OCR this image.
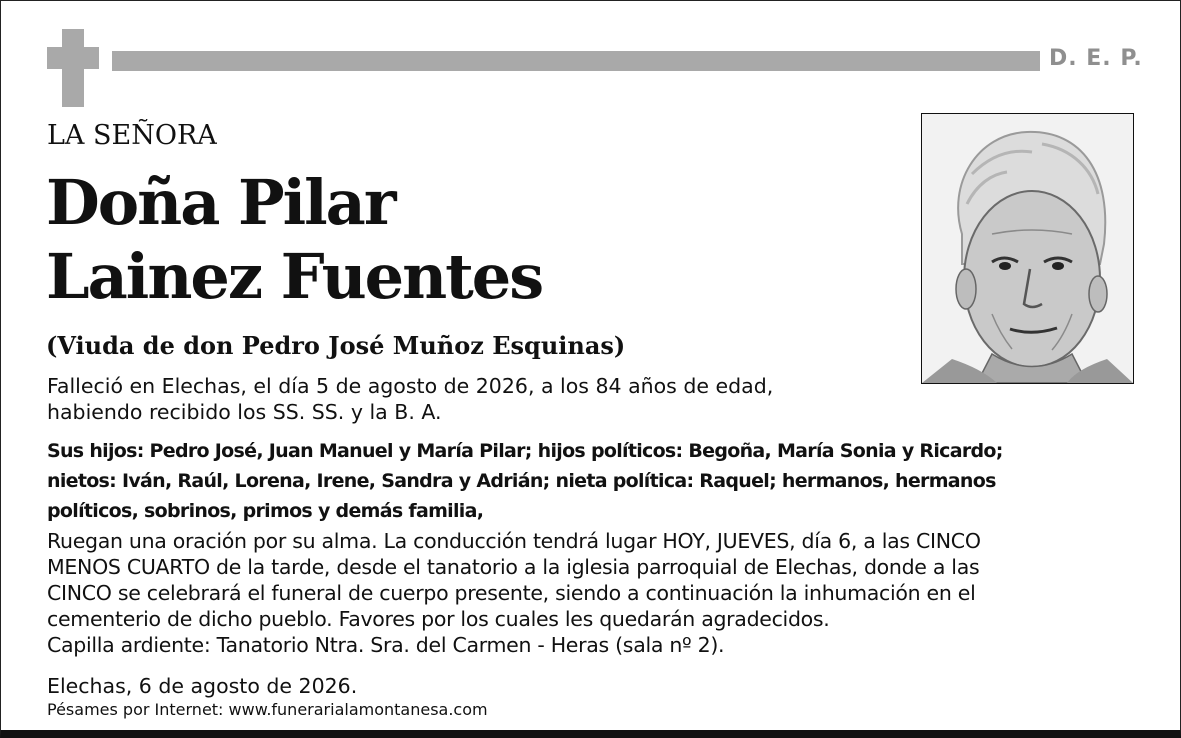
D. E. P.
LA SEÑORA
Doña Pilar
Lainez Fuentes
(Viuda de don Pedro José Muñoz Esquinas)
Falleció en Elechas, el día 5 de agosto de 2026, a los 84 años de edad,
habiendo recibido los SS. SS. y la B. A.
Sus hijos: Pedro José, Juan Manuel y María Pilar; hijos políticos: Begoña, María Sonia y Ricardo;
nietos: Iván, Raúl, Lorena, Irene, Sandra y Adrián; nieta política: Raquel; hermanos, hermanos
políticos, sobrinos, primos y demás familia,
Ruegan una oración por su alma. La conducción tendrá lugar HOY, JUEVES, día 6, a las CINCO
MENOS CUARTO de la tarde, desde el tanatorio a la iglesia parroquial de Elechas, donde a las
CINCO se celebrará el funeral de cuerpo presente, siendo a continuación la inhumación en el
cementerio de dicho pueblo. Favores por los cuales les quedarán agradecidos.
Capilla ardiente: Tanatorio Ntra. Sra. del Carmen - Heras (sala nº 2).
Elechas, 6 de agosto de 2026.
Pésames por Internet: www.funerarialamontanesa.com
